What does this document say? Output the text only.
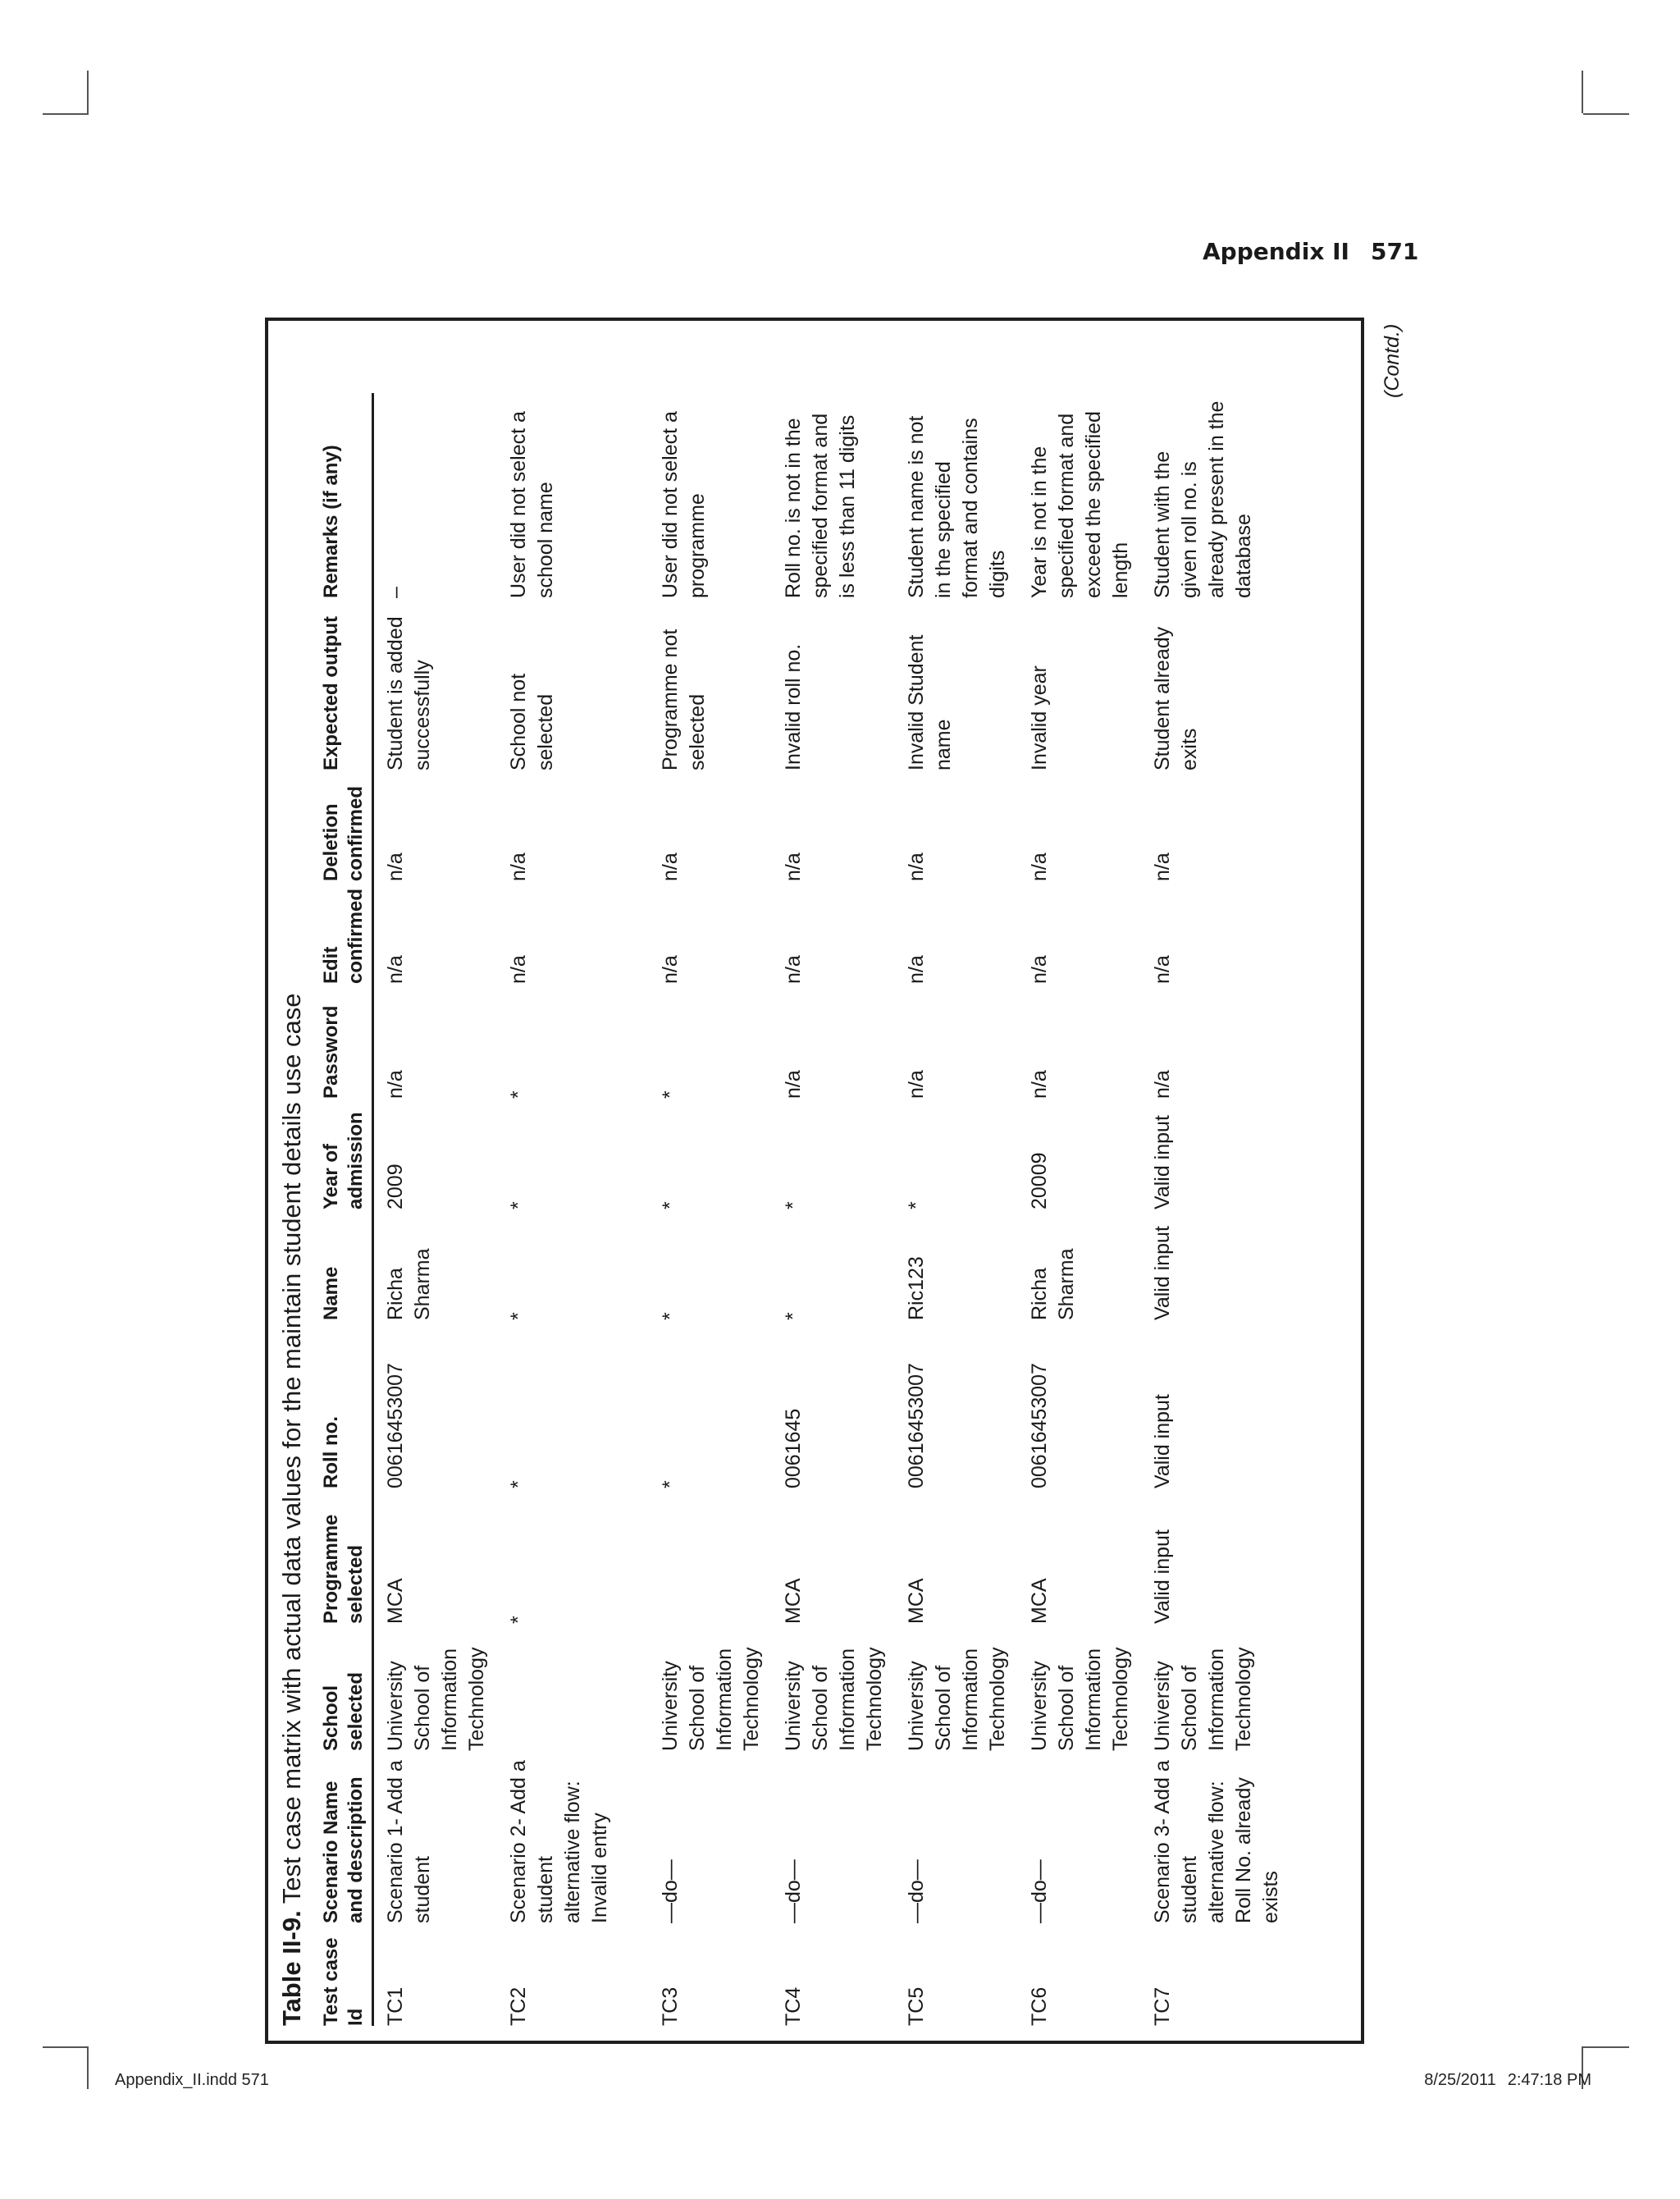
Appendix II 571
Table II-9. Test case matrix with actual data values for the maintain student details use case
Test case Id	Scenario Name and description	School selected	Programme selected	Roll no.	Name	Year of admission	Password	Edit confirmed	Deletion confirmed	Expected output	Remarks (if any)
TC1	Scenario 1- Add a student	University School of Information Technology	MCA	00616453007	Richa Sharma	2009	n/a	n/a	n/a	Student is added successfully	–
TC2	Scenario 2- Add a student alternative flow: Invalid entry		*	*	*	*	*	n/a	n/a	School not selected	User did not select a school name
TC3	—do—	University School of Information Technology		*	*	*	*	n/a	n/a	Programme not selected	User did not select a programme
TC4	—do—	University School of Information Technology	MCA	0061645	*	*	n/a	n/a	n/a	Invalid roll no.	Roll no. is not in the specified format and is less than 11 digits
TC5	—do—	University School of Information Technology	MCA	00616453007	Ric123	*	n/a	n/a	n/a	Invalid Student name	Student name is not in the specified format and contains digits
TC6	—do—	University School of Information Technology	MCA	00616453007	Richa Sharma	20009	n/a	n/a	n/a	Invalid year	Year is not in the specified format and exceed the specified length
TC7	Scenario 3- Add a student alternative flow: Roll No. already exists	University School of Information Technology	Valid input	Valid input	Valid input	Valid input	n/a	n/a	n/a	Student already exits	Student with the given roll no. is already present in the database
(Contd.)
Appendix_II.indd 571	8/25/2011 2:47:18 PM
